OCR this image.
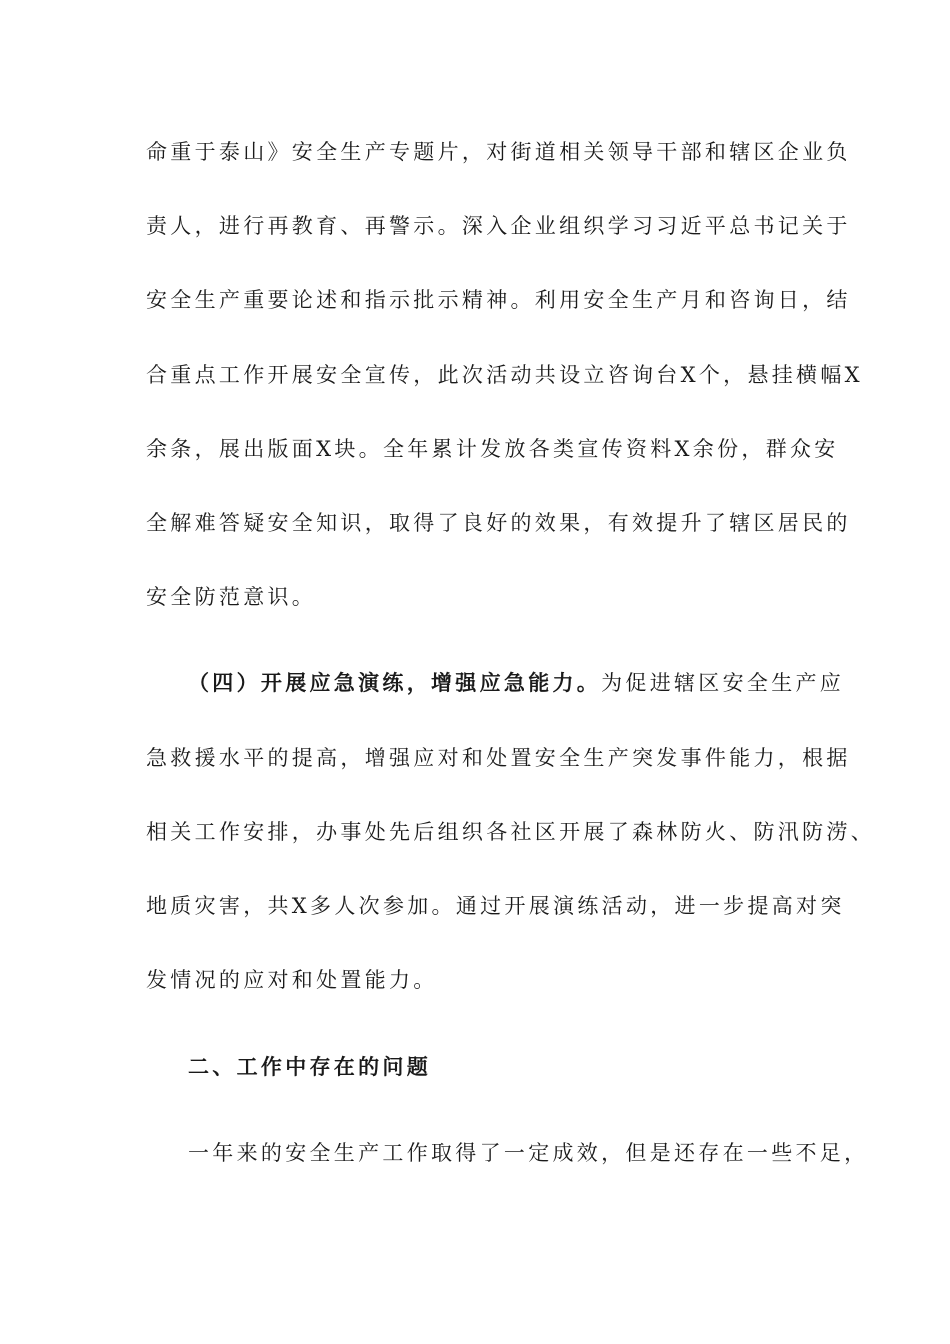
命重于泰山》安全生产专题片，对街道相关领导干部和辖区企业负
责人，进行再教育、再警示。深入企业组织学习习近平总书记关于
安全生产重要论述和指示批示精神。利用安全生产月和咨询日，结
合重点工作开展安全宣传，此次活动共设立咨询台X个，悬挂横幅X
余条，展出版面X块。全年累计发放各类宣传资料X余份，群众安
全解难答疑安全知识，取得了良好的效果，有效提升了辖区居民的
安全防范意识。
（四）开展应急演练，增强应急能力。为促进辖区安全生产应
急救援水平的提高，增强应对和处置安全生产突发事件能力，根据
相关工作安排，办事处先后组织各社区开展了森林防火、防汛防涝、
地质灾害，共X多人次参加。通过开展演练活动，进一步提高对突
发情况的应对和处置能力。
二、工作中存在的问题
一年来的安全生产工作取得了一定成效，但是还存在一些不足，
